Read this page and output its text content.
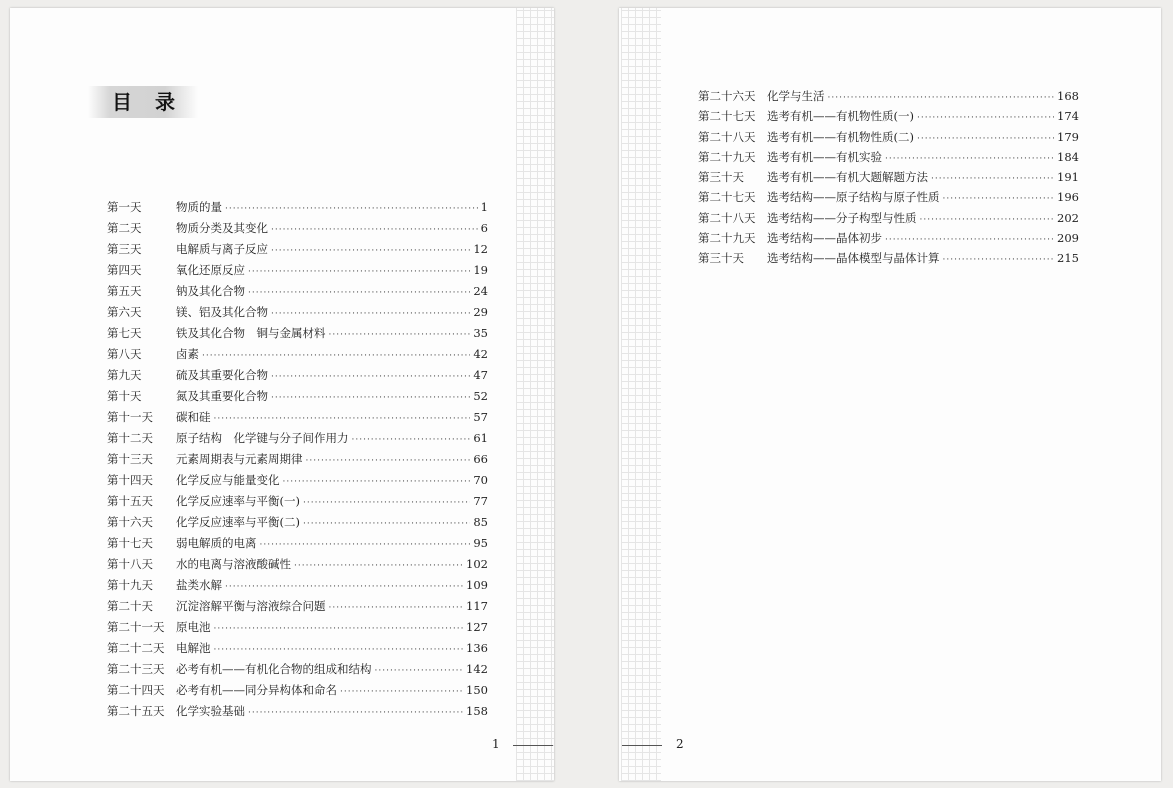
目 录
第一天	物质的量 ·····	1
第二天	物质分类及其变化 ·····	6
第三天	电解质与离子反应 ·····	12
第四天	氧化还原反应 ·····	19
第五天	钠及其化合物 ·····	24
第六天	镁、铝及其化合物 ·····	29
第七天	铁及其化合物　铜与金属材料 ·····	35
第八天	卤素 ·····	42
第九天	硫及其重要化合物 ·····	47
第十天	氮及其重要化合物 ·····	52
第十一天	碳和硅 ·····	57
第十二天	原子结构　化学键与分子间作用力 ·····	61
第十三天	元素周期表与元素周期律 ·····	66
第十四天	化学反应与能量变化 ·····	70
第十五天	化学反应速率与平衡(一) ·····	77
第十六天	化学反应速率与平衡(二) ·····	85
第十七天	弱电解质的电离 ·····	95
第十八天	水的电离与溶液酸碱性 ·····	102
第十九天	盐类水解 ·····	109
第二十天	沉淀溶解平衡与溶液综合问题 ·····	117
第二十一天	原电池 ·····	127
第二十二天	电解池 ·····	136
第二十三天	必考有机——有机化合物的组成和结构 ·····	142
第二十四天	必考有机——同分异构体和命名 ·····	150
第二十五天	化学实验基础 ·····	158
1
第二十六天	化学与生活 ·····	168
第二十七天	选考有机——有机物性质(一) ·····	174
第二十八天	选考有机——有机物性质(二) ·····	179
第二十九天	选考有机——有机实验 ·····	184
第三十天	选考有机——有机大题解题方法 ·····	191
第二十七天	选考结构——原子结构与原子性质 ·····	196
第二十八天	选考结构——分子构型与性质 ·····	202
第二十九天	选考结构——晶体初步 ·····	209
第三十天	选考结构——晶体模型与晶体计算 ·····	215
2
